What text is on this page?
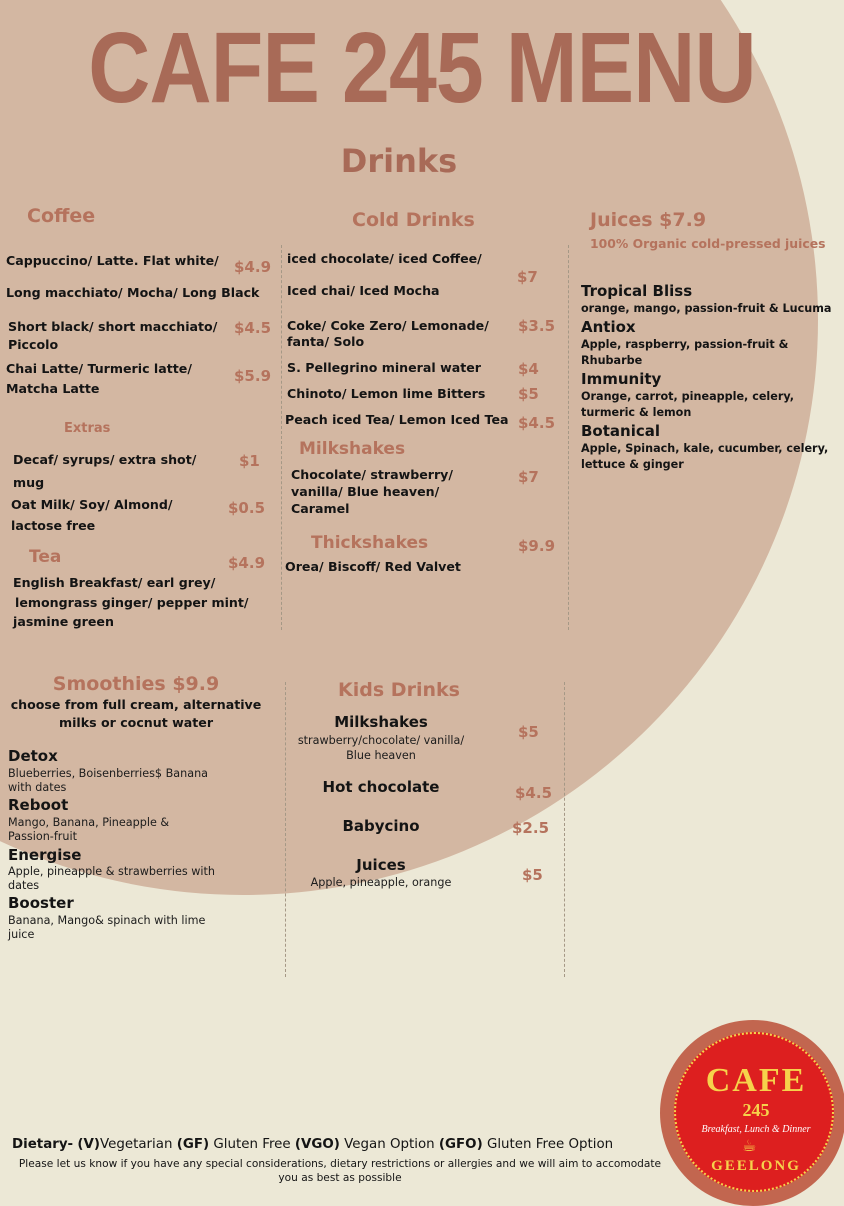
CAFE 245 MENU
Drinks
Coffee
Cappuccino/ Latte. Flat white/ $4.9
Long macchiato/ Mocha/ Long Black
Short black/ short macchiato/
Piccolo
$4.5
Chai Latte/ Turmeric latte/
Matcha Latte
$5.9
Extras
Decaf/ syrups/ extra shot/
mug
$1
Oat Milk/ Soy/ Almond/
lactose free
$0.5
Tea	$4.9
English Breakfast/ earl grey/
lemongrass ginger/ pepper mint/
jasmine green
Cold Drinks
iced chocolate/ iced Coffee/
Iced chai/ Iced Mocha
$7
Coke/ Coke Zero/ Lemonade/
fanta/ Solo
$3.5
S. Pellegrino mineral water $4
Chinoto/ Lemon lime Bitters $5
Peach iced Tea/ Lemon Iced Tea $4.5
Milkshakes
Chocolate/ strawberry/
vanilla/ Blue heaven/
Caramel
$7
Thickshakes	$9.9
Orea/ Biscoff/ Red Valvet
Juices $7.9
100% Organic cold-pressed juices
Tropical Bliss
orange, mango, passion-fruit & Lucuma
Antiox
Apple, raspberry, passion-fruit &
Rhubarbe
Immunity
Orange, carrot, pineapple, celery,
turmeric & lemon
Botanical
Apple, Spinach, kale, cucumber, celery,
lettuce & ginger
Smoothies $9.9
choose from full cream, alternative
milks or cocnut water
Detox
Blueberries, Boisenberries$ Banana
with dates
Reboot
Mango, Banana, Pineapple &
Passion-fruit
Energise
Apple, pineapple & strawberries with
dates
Booster
Banana, Mango& spinach with lime
juice
Kids Drinks
Milkshakes
strawberry/chocolate/ vanilla/
Blue heaven
$5
Hot chocolate	$4.5
Babycino	$2.5
Juices
Apple, pineapple, orange	$5
CAFE
245
Breakfast, Lunch & Dinner
☕
GEELONG
Dietary- (V)Vegetarian (GF) Gluten Free (VGO) Vegan Option (GFO) Gluten Free Option
Please let us know if you have any special considerations, dietary restrictions or allergies and we will aim to accomodate
you as best as possible
